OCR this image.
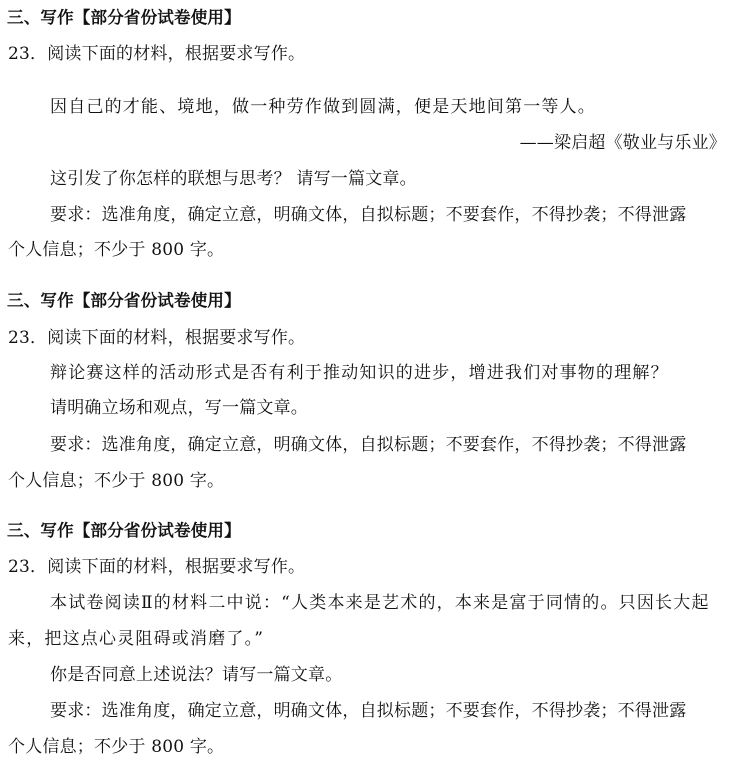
三、写作【部分省份试卷使用】
23．阅读下面的材料，根据要求写作。
因自己的才能、境地，做一种劳作做到圆满，便是天地间第一等人。
——梁启超《敬业与乐业》
这引发了你怎样的联想与思考？ 请写一篇文章。
要求：选准角度，确定立意，明确文体，自拟标题；不要套作，不得抄袭；不得泄露
个人信息；不少于 800 字。
三、写作【部分省份试卷使用】
23．阅读下面的材料，根据要求写作。
辩论赛这样的活动形式是否有利于推动知识的进步，增进我们对事物的理解？
请明确立场和观点，写一篇文章。
要求：选准角度，确定立意，明确文体，自拟标题；不要套作，不得抄袭；不得泄露
个人信息；不少于 800 字。
三、写作【部分省份试卷使用】
23．阅读下面的材料，根据要求写作。
本试卷阅读Ⅱ的材料二中说：“人类本来是艺术的，本来是富于同情的。只因长大起
来，把这点心灵阻碍或消磨了。”
你是否同意上述说法？请写一篇文章。
要求：选准角度，确定立意，明确文体，自拟标题；不要套作，不得抄袭；不得泄露
个人信息；不少于 800 字。
